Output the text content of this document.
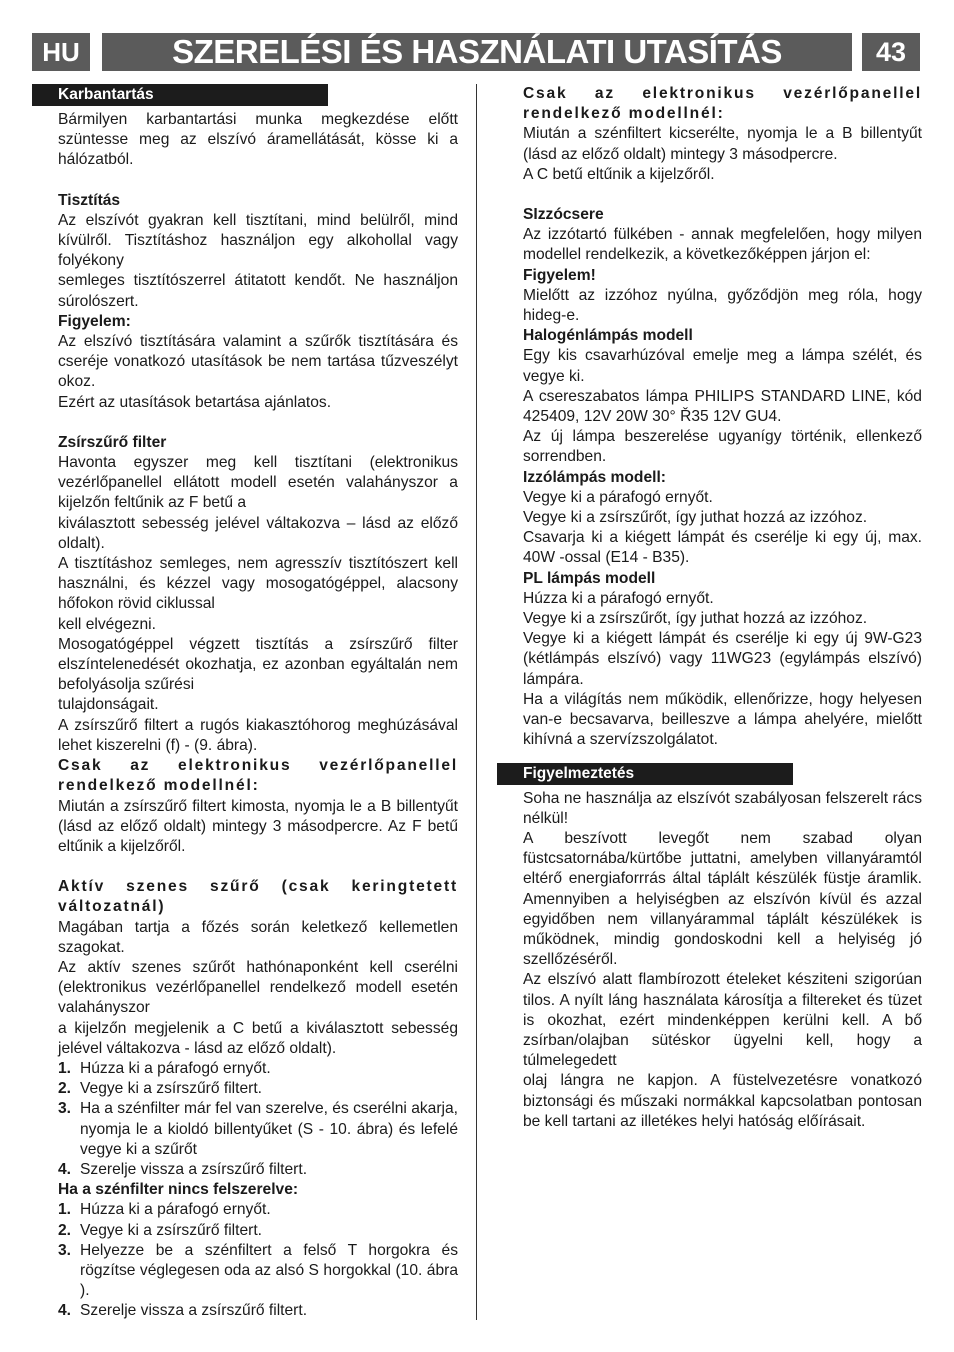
HU	SZERELÉSI ÉS HASZNÁLATI UTASÍTÁS	43
Karbantartás

Bármilyen karbantartási munka megkezdése előtt szüntesse meg az elszívó áramellátását, kösse ki a hálózatból.

Tisztítás

Az elszívót gyakran kell tisztítani, mind belülről, mind kívülről. Tisztításhoz használjon egy alkohollal vagy folyékony

semleges tisztítószerrel átitatott kendőt. Ne használjon súrolószert.

Figyelem:

Az elszívó tisztítására valamint a szűrők tisztítására és cseréje vonatkozó utasítások be nem tartása tűzveszélyt okoz.

Ezért az utasítások betartása ajánlatos.

Zsírszűrő filter

Havonta egyszer meg kell tisztítani (elektronikus vezérlőpanellel ellátott modell esetén valahányszor a kijelzőn feltűnik az F betű a

kiválasztott sebesség jelével váltakozva – lásd az előző oldalt).

A tisztításhoz semleges, nem agresszív tisztítószert kell használni, és kézzel vagy mosogatógéppel, alacsony hőfokon rövid ciklussal

kell elvégezni.

Mosogatógéppel végzett tisztítás a zsírszűrő filter elszíntelenedését okozhatja, ez azonban egyáltalán nem befolyásolja szűrési

tulajdonságait.

A zsírszűrő filtert a rugós kiakasztóhorog meghúzásával lehet kiszerelni (f) - (9. ábra).

Csak az elektronikus vezérlőpanellel rendelkező modellnél:

Miután a zsírszűrő filtert kimosta, nyomja le a B billentyűt (lásd az előző oldalt) mintegy 3 másodpercre. Az F betű eltűnik a kijelzőről.

Aktív szenes szűrő (csak keringtetett változatnál)

Magában tartja a főzés során keletkező kellemetlen szagokat.

Az aktív szenes szűrőt hathónaponként kell cserélni (elektronikus vezérlőpanellel rendelkező modell esetén valahányszor

a kijelzőn megjelenik a C betű a kiválasztott sebesség jelével váltakozva - lásd az előző oldalt).

1. Húzza ki a párafogó ernyőt.
2. Vegye ki a zsírszűrő filtert.
3. Ha a szénfilter már fel van szerelve, és cserélni akarja, nyomja le a kioldó billentyűket (S - 10. ábra) és lefelé vegye ki a szűrőt
4. Szerelje vissza a zsírszűrő filtert.

Ha a szénfilter nincs felszerelve:

1. Húzza ki a párafogó ernyőt.
2. Vegye ki a zsírszűrő filtert.
3. Helyezze be a szénfiltert a felső T horgokra és rögzítse véglegesen oda az alsó S horgokkal (10. ábra ).
4. Szerelje vissza a zsírszűrő filtert.

Csak az elektronikus vezérlőpanellel rendelkező modellnél:

Miután a szénfiltert kicserélte, nyomja le a B billentyűt (lásd az előző oldalt) mintegy 3 másodpercre.

A C betű eltűnik a kijelzőről.

SIzzócsere

Az izzótartó fülkében - annak megfelelően, hogy milyen modellel rendelkezik, a következőképpen járjon el:

Figyelem!

Mielőtt az izzóhoz nyúlna, győződjön meg róla, hogy hideg-e.

Halogénlámpás modell

Egy kis csavarhúzóval emelje meg a lámpa szélét, és vegye ki.

A csereszabatos lámpa PHILIPS STANDARD LINE, kód 425409, 12V 20W 30° Ř35 12V GU4.

Az új lámpa beszerelése ugyanígy történik, ellenkező sorrendben.

Izzólámpás modell:

Vegye ki a párafogó ernyőt.

Vegye ki a zsírszűrőt, így juthat hozzá az izzóhoz.

Csavarja ki a kiégett lámpát és cserélje ki egy új, max. 40W -ossal (E14 - B35).

PL lámpás modell

Húzza ki a párafogó ernyőt.

Vegye ki a zsírszűrőt, így juthat hozzá az izzóhoz.

Vegye ki a kiégett lámpát és cserélje ki egy új 9W-G23 (kétlámpás elszívó) vagy 11WG23 (egylámpás elszívó) lámpára.

Ha a világítás nem működik, ellenőrizze, hogy helyesen van-e becsavarva, beilleszve a lámpa ahelyére, mielőtt kihívná a szervízszolgálatot.

Figyelmeztetés

Soha ne használja az elszívót szabályosan felszerelt rács nélkül!

A beszívott levegőt nem szabad olyan füstcsatornába/kürtőbe juttatni, amelyben villanyáramtól eltérő energiaforrrás által táplált készülék füstje áramlik. Amennyiben a helyiségben az elszívón kívül és azzal egyidőben nem villanyárammal táplált készülékek is működnek, mindig gondoskodni kell a helyiség jó szellőzéséről.

Az elszívó alatt flambírozott ételeket késziteni szigorúan tilos. A nyílt láng használata károsítja a filtereket és tüzet is okozhat, ezért mindenképpen kerülni kell. A bő zsírban/olajban sütéskor ügyelni kell, hogy a túlmelegedett

olaj lángra ne kapjon. A füstelvezetésre vonatkozó biztonsági és műszaki normákkal kapcsolatban pontosan be kell tartani az illetékes helyi hatóság előírásait.
